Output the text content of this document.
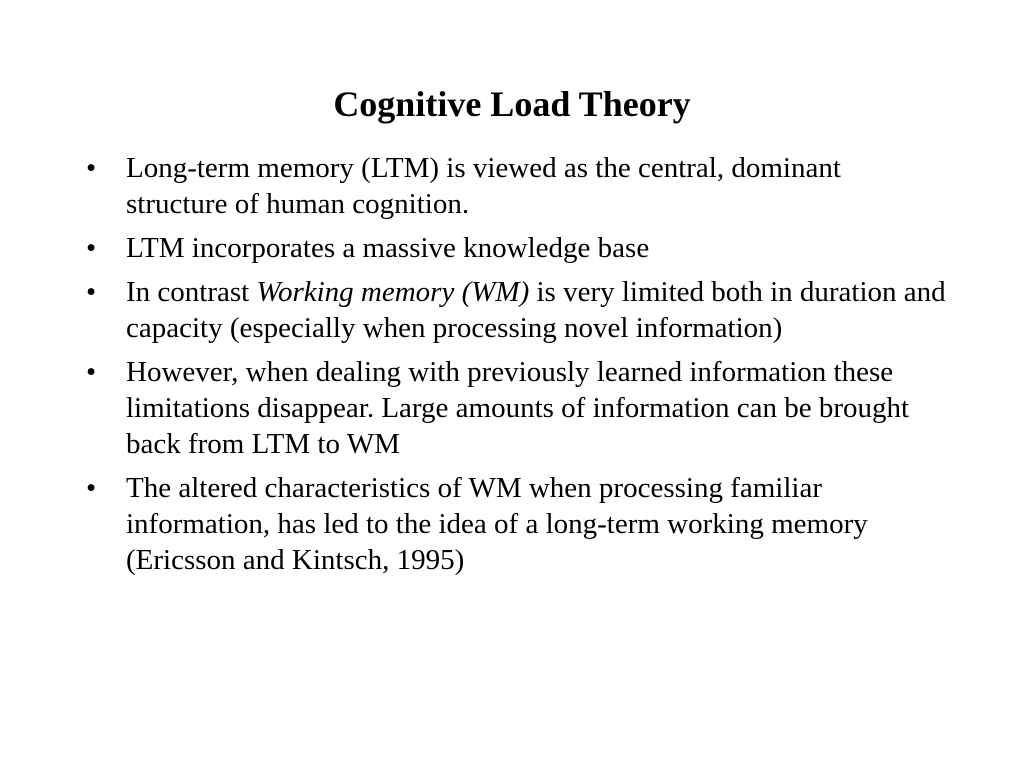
Cognitive Load Theory
•	Long-term memory (LTM) is viewed as the central, dominant structure of human cognition.
•	LTM incorporates a massive knowledge base
•	In contrast Working memory (WM) is very limited both in duration and capacity (especially when processing novel information)
•	However, when dealing with previously learned information these limitations disappear. Large amounts of information can be brought back from LTM to WM
•	The altered characteristics of WM when processing familiar information, has led to the idea of a long-term working memory (Ericsson and Kintsch, 1995)
